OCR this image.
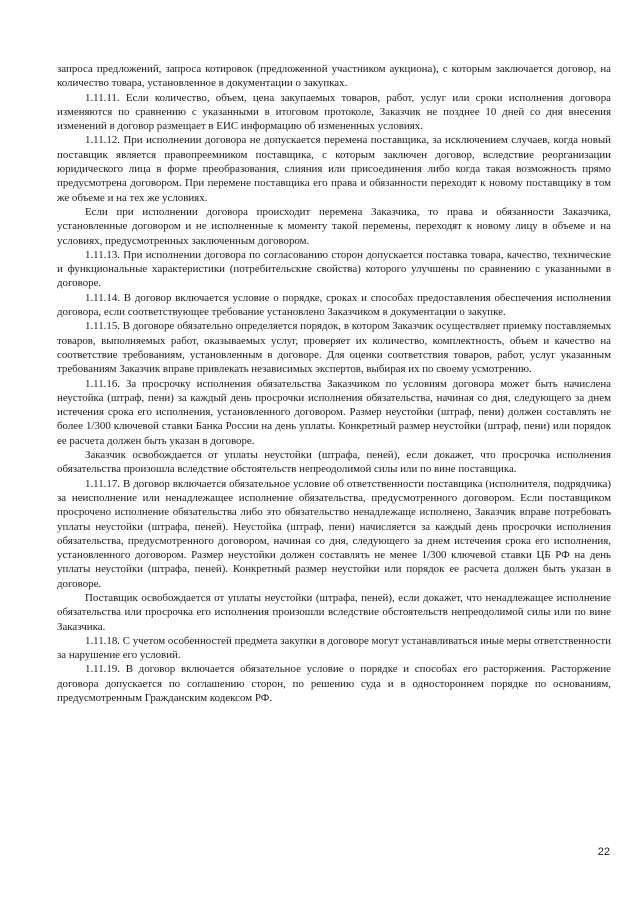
запроса предложений, запроса котировок (предложенной участником аукциона), с которым заключается договор, на количество товара, установленное в документации о закупках.

1.11.11. Если количество, объем, цена закупаемых товаров, работ, услуг или сроки исполнения договора изменяются по сравнению с указанными в итоговом протоколе, Заказчик не позднее 10 дней со дня внесения изменений в договор размещает в ЕИС информацию об измененных условиях.

1.11.12. При исполнении договора не допускается перемена поставщика, за исключением случаев, когда новый поставщик является правопреемником поставщика, с которым заключен договор, вследствие реорганизации юридического лица в форме преобразования, слияния или присоединения либо когда такая возможность прямо предусмотрена договором. При перемене поставщика его права и обязанности переходят к новому поставщику в том же объеме и на тех же условиях.

Если при исполнении договора происходит перемена Заказчика, то права и обязанности Заказчика, установленные договором и не исполненные к моменту такой перемены, переходят к новому лицу в объеме и на условиях, предусмотренных заключенным договором.

1.11.13. При исполнении договора по согласованию сторон допускается поставка товара, качество, технические и функциональные характеристики (потребительские свойства) которого улучшены по сравнению с указанными в договоре.

1.11.14. В договор включается условие о порядке, сроках и способах предоставления обеспечения исполнения договора, если соответствующее требование установлено Заказчиком в документации о закупке.

1.11.15. В договоре обязательно определяется порядок, в котором Заказчик осуществляет приемку поставляемых товаров, выполняемых работ, оказываемых услуг, проверяет их количество, комплектность, объем и качество на соответствие требованиям, установленным в договоре. Для оценки соответствия товаров, работ, услуг указанным требованиям Заказчик вправе привлекать независимых экспертов, выбирая их по своему усмотрению.

1.11.16. За просрочку исполнения обязательства Заказчиком по условиям договора может быть начислена неустойка (штраф, пени) за каждый день просрочки исполнения обязательства, начиная со дня, следующего за днем истечения срока его исполнения, установленного договором. Размер неустойки (штраф, пени) должен составлять не более 1/300 ключевой ставки Банка России на день уплаты. Конкретный размер неустойки (штраф, пени) или порядок ее расчета должен быть указан в договоре.

Заказчик освобождается от уплаты неустойки (штрафа, пеней), если докажет, что просрочка исполнения обязательства произошла вследствие обстоятельств непреодолимой силы или по вине поставщика.

1.11.17. В договор включается обязательное условие об ответственности поставщика (исполнителя, подрядчика) за неисполнение или ненадлежащее исполнение обязательства, предусмотренного договором. Если поставщиком просрочено исполнение обязательства либо это обязательство ненадлежаще исполнено, Заказчик вправе потребовать уплаты неустойки (штрафа, пеней). Неустойка (штраф, пени) начисляется за каждый день просрочки исполнения обязательства, предусмотренного договором, начиная со дня, следующего за днем истечения срока его исполнения, установленного договором. Размер неустойки должен составлять не менее 1/300 ключевой ставки ЦБ РФ на день уплаты неустойки (штрафа, пеней). Конкретный размер неустойки или порядок ее расчета должен быть указан в договоре.

Поставщик освобождается от уплаты неустойки (штрафа, пеней), если докажет, что ненадлежащее исполнение обязательства или просрочка его исполнения произошли вследствие обстоятельств непреодолимой силы или по вине Заказчика.

1.11.18. С учетом особенностей предмета закупки в договоре могут устанавливаться иные меры ответственности за нарушение его условий.

1.11.19. В договор включается обязательное условие о порядке и способах его расторжения. Расторжение договора допускается по соглашению сторон, по решению суда и в одностороннем порядке по основаниям, предусмотренным Гражданским кодексом РФ.

22
